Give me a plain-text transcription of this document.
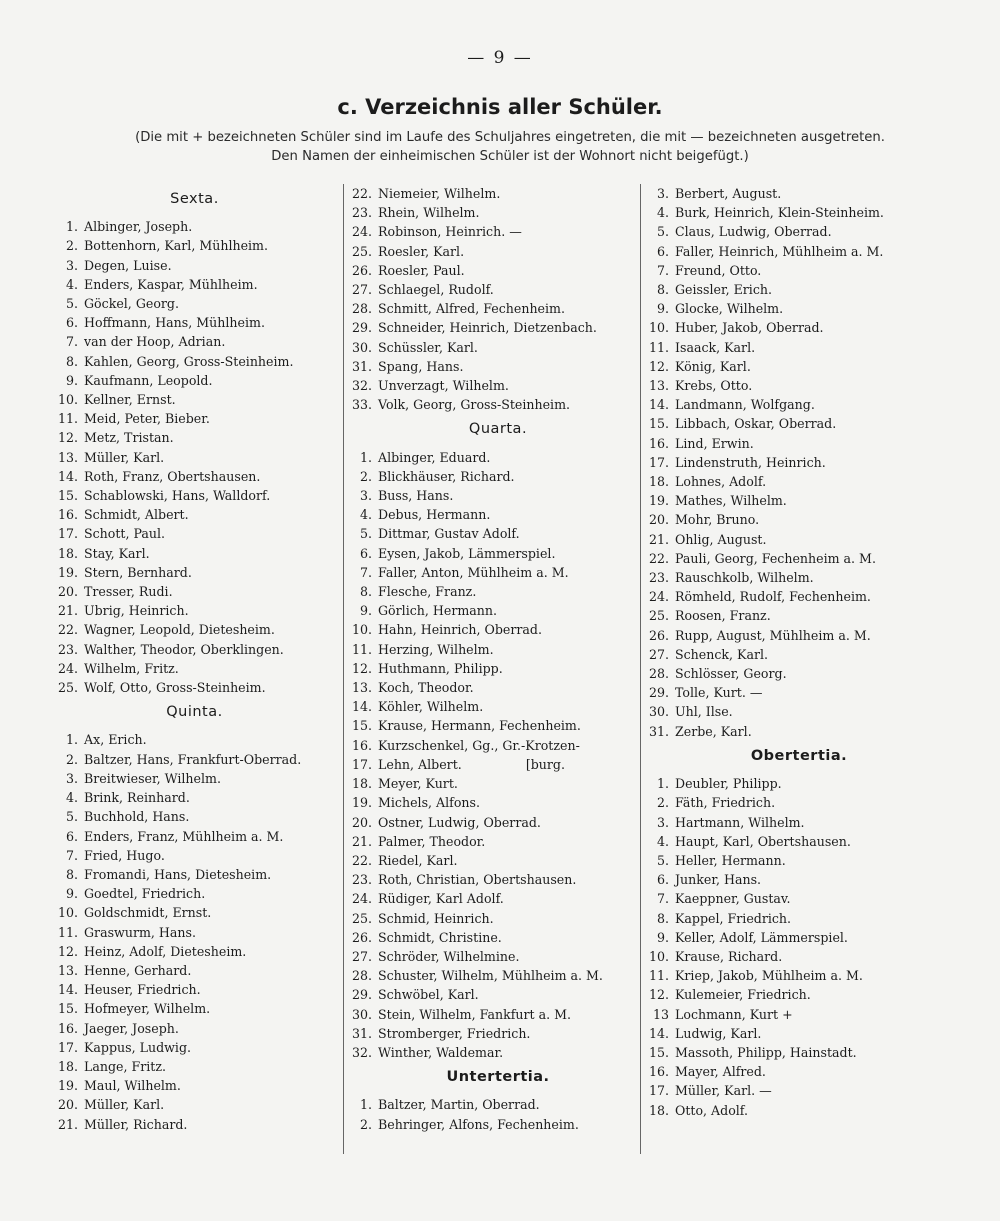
— 9 —
c. Verzeichnis aller Schüler.
(Die mit + bezeichneten Schüler sind im Laufe des Schuljahres eingetreten, die mit — bezeichneten ausgetreten.
Den Namen der einheimischen Schüler ist der Wohnort nicht beigefügt.)
Sexta.
1. Albinger, Joseph.
2. Bottenhorn, Karl, Mühlheim.
3. Degen, Luise.
4. Enders, Kaspar, Mühlheim.
5. Göckel, Georg.
6. Hoffmann, Hans, Mühlheim.
7. van der Hoop, Adrian.
8. Kahlen, Georg, Gross-Steinheim.
9. Kaufmann, Leopold.
10. Kellner, Ernst.
11. Meid, Peter, Bieber.
12. Metz, Tristan.
13. Müller, Karl.
14. Roth, Franz, Obertshausen.
15. Schablowski, Hans, Walldorf.
16. Schmidt, Albert.
17. Schott, Paul.
18. Stay, Karl.
19. Stern, Bernhard.
20. Tresser, Rudi.
21. Ubrig, Heinrich.
22. Wagner, Leopold, Dietesheim.
23. Walther, Theodor, Oberklingen.
24. Wilhelm, Fritz.
25. Wolf, Otto, Gross-Steinheim.
Quinta.
1. Ax, Erich.
2. Baltzer, Hans, Frankfurt-Oberrad.
3. Breitwieser, Wilhelm.
4. Brink, Reinhard.
5. Buchhold, Hans.
6. Enders, Franz, Mühlheim a. M.
7. Fried, Hugo.
8. Fromandi, Hans, Dietesheim.
9. Goedtel, Friedrich.
10. Goldschmidt, Ernst.
11. Graswurm, Hans.
12. Heinz, Adolf, Dietesheim.
13. Henne, Gerhard.
14. Heuser, Friedrich.
15. Hofmeyer, Wilhelm.
16. Jaeger, Joseph.
17. Kappus, Ludwig.
18. Lange, Fritz.
19. Maul, Wilhelm.
20. Müller, Karl.
21. Müller, Richard.
22. Niemeier, Wilhelm.
23. Rhein, Wilhelm.
24. Robinson, Heinrich. —
25. Roesler, Karl.
26. Roesler, Paul.
27. Schlaegel, Rudolf.
28. Schmitt, Alfred, Fechenheim.
29. Schneider, Heinrich, Dietzenbach.
30. Schüssler, Karl.
31. Spang, Hans.
32. Unverzagt, Wilhelm.
33. Volk, Georg, Gross-Steinheim.
Quarta.
1. Albinger, Eduard.
2. Blickhäuser, Richard.
3. Buss, Hans.
4. Debus, Hermann.
5. Dittmar, Gustav Adolf.
6. Eysen, Jakob, Lämmerspiel.
7. Faller, Anton, Mühlheim a. M.
8. Flesche, Franz.
9. Görlich, Hermann.
10. Hahn, Heinrich, Oberrad.
11. Herzing, Wilhelm.
12. Huthmann, Philipp.
13. Koch, Theodor.
14. Köhler, Wilhelm.
15. Krause, Hermann, Fechenheim.
16. Kurzschenkel, Gg., Gr.-Krotzen-
17. Lehn, Albert.                [burg.
18. Meyer, Kurt.
19. Michels, Alfons.
20. Ostner, Ludwig, Oberrad.
21. Palmer, Theodor.
22. Riedel, Karl.
23. Roth, Christian, Obertshausen.
24. Rüdiger, Karl Adolf.
25. Schmid, Heinrich.
26. Schmidt, Christine.
27. Schröder, Wilhelmine.
28. Schuster, Wilhelm, Mühlheim a. M.
29. Schwöbel, Karl.
30. Stein, Wilhelm, Fankfurt a. M.
31. Stromberger, Friedrich.
32. Winther, Waldemar.
Untertertia.
1. Baltzer, Martin, Oberrad.
2. Behringer, Alfons, Fechenheim.
3. Berbert, August.
4. Burk, Heinrich, Klein-Steinheim.
5. Claus, Ludwig, Oberrad.
6. Faller, Heinrich, Mühlheim a. M.
7. Freund, Otto.
8. Geissler, Erich.
9. Glocke, Wilhelm.
10. Huber, Jakob, Oberrad.
11. Isaack, Karl.
12. König, Karl.
13. Krebs, Otto.
14. Landmann, Wolfgang.
15. Libbach, Oskar, Oberrad.
16. Lind, Erwin.
17. Lindenstruth, Heinrich.
18. Lohnes, Adolf.
19. Mathes, Wilhelm.
20. Mohr, Bruno.
21. Ohlig, August.
22. Pauli, Georg, Fechenheim a. M.
23. Rauschkolb, Wilhelm.
24. Römheld, Rudolf, Fechenheim.
25. Roosen, Franz.
26. Rupp, August, Mühlheim a. M.
27. Schenck, Karl.
28. Schlösser, Georg.
29. Tolle, Kurt. —
30. Uhl, Ilse.
31. Zerbe, Karl.
Obertertia.
1. Deubler, Philipp.
2. Fäth, Friedrich.
3. Hartmann, Wilhelm.
4. Haupt, Karl, Obertshausen.
5. Heller, Hermann.
6. Junker, Hans.
7. Kaeppner, Gustav.
8. Kappel, Friedrich.
9. Keller, Adolf, Lämmerspiel.
10. Krause, Richard.
11. Kriep, Jakob, Mühlheim a. M.
12. Kulemeier, Friedrich.
13 Lochmann, Kurt +
14. Ludwig, Karl.
15. Massoth, Philipp, Hainstadt.
16. Mayer, Alfred.
17. Müller, Karl. —
18. Otto, Adolf.
